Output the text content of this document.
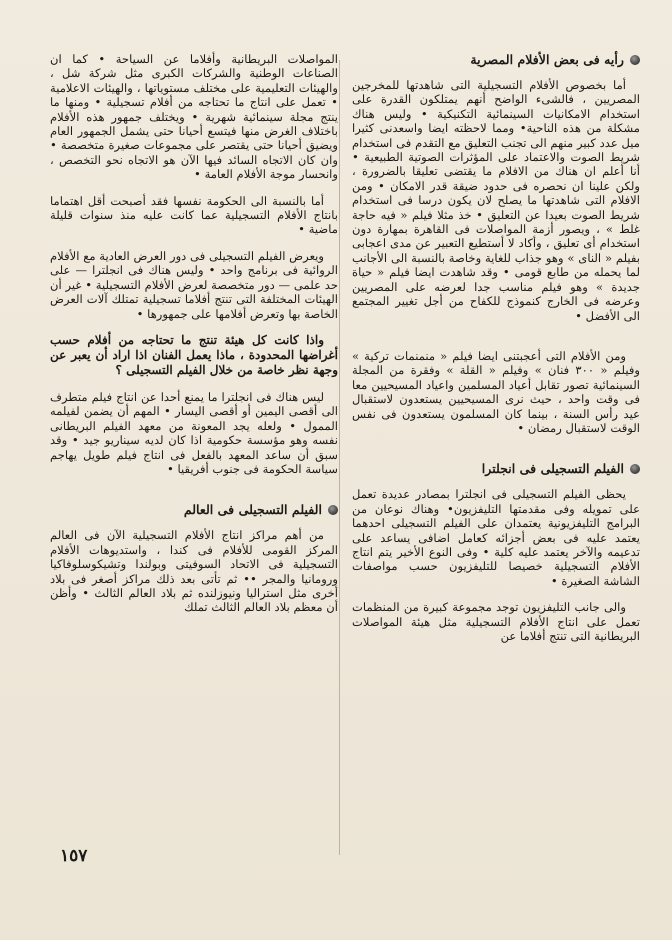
رأيه فى بعض الأفلام المصرية

أما بخصوص الأفلام التسجيلية التى شاهدتها للمخرجين المصريين ، فالشىء الواضح أنهم يمتلكون القدرة على استخدام الامكانيات السينمائية التكنيكية • وليس هناك مشكلة من هذه الناحية• ومما لاحظته ايضا واسعدنى كثيرا ميل عدد كبير منهم الى تجنب التعليق مع التقدم فى استخدام شريط الصوت والاعتماد على المؤثرات الصوتية الطبيعية • أنا أعلم ان هناك من الافلام ما يقتضى تعليقا بالضرورة ، ولكن علينا ان نحصره فى حدود ضيقة قدر الامكان • ومن الافلام التى شاهدتها ما يصلح لان يكون درسا فى استخدام شريط الصوت بعيدا عن التعليق • خذ مثلا فيلم « فيه حاجة غلط » ، ويصور أزمة المواصلات فى القاهرة بمهارة دون استخدام أى تعليق ، وأكاد لا أستطيع التعبير عن مدى اعجابى بفيلم « الناى » وهو جذاب للغاية وخاصة بالنسبة الى الأجانب لما يحمله من طابع قومى • وقد شاهدت ايضا فيلم « حياة جديدة » وهو فيلم مناسب جدا لعرضه على المصريين وعرضه فى الخارج كنموذج للكفاح من أجل تغيير المجتمع الى الأفضل •

ومن الأفلام التى أعجبتنى ايضا فيلم « منمنمات تركية » وفيلم « ٣٠٠ فنان » وفيلم « القلة » وفقرة من المجلة السينمائية تصور تقابل أعياد المسلمين واعياد المسيحيين معا فى وقت واحد ، حيث نرى المسيحيين يستعدون لاستقبال عيد رأس السنة ، بينما كان المسلمون يستعدون فى نفس الوقت لاستقبال رمضان •

الفيلم التسجيلى فى انجلترا

يحظى الفيلم التسجيلى فى انجلترا بمصادر عديدة تعمل على تمويله وفى مقدمتها التليفزيون• وهناك نوعان من البرامج التليفزيونية يعتمدان على الفيلم التسجيلى احدهما يعتمد عليه فى بعض أجزائه كعامل اضافى يساعد على تدعيمه والآخر يعتمد عليه كلية • وفى النوع الأخير يتم انتاج الأفلام التسجيلية خصيصا للتليفزيون حسب مواصفات الشاشة الصغيرة •

والى جانب التليفزيون توجد مجموعة كبيرة من المنظمات تعمل على انتاج الأفلام التسجيلية مثل هيئة المواصلات البريطانية التى تنتج أفلاما عن

المواصلات البريطانية وأفلاما عن السياحة • كما ان الصناعات الوطنية والشركات الكبرى مثل شركة شل ، والهيئات التعليمية على مختلف مستوياتها ، والهيئات الاعلامية • تعمل على انتاج ما تحتاجه من أفلام تسجيلية • ومنها ما ينتج مجلة سينمائية شهرية • ويختلف جمهور هذه الأفلام باختلاف الغرض منها فيتسع أحيانا حتى يشمل الجمهور العام ويضيق أحيانا حتى يقتصر على مجموعات صغيرة متخصصة • وان كان الاتجاه السائد فيها الآن هو الاتجاه نحو التخصص ، وانحسار موجة الأفلام العامة •

أما بالنسبة الى الحكومة نفسها فقد أصبحت أقل اهتماما بانتاج الأفلام التسجيلية عما كانت عليه منذ سنوات قليلة ماضية •

ويعرض الفيلم التسجيلى فى دور العرض العادية مع الأفلام الروائية فى برنامج واحد • وليس هناك فى انجلترا — على حد علمى — دور متخصصة لعرض الأفلام التسجيلية • غير أن الهيئات المختلفة التى تنتج أفلاما تسجيلية تمتلك آلات العرض الخاصة بها وتعرض أفلامها على جمهورها •

واذا كانت كل هيئة تنتج ما تحتاجه من أفلام حسب أغراضها المحدودة ، ماذا يعمل الفنان اذا اراد أن يعبر عن وجهة نظر خاصة من خلال الفيلم التسجيلى ؟

ليس هناك فى انجلترا ما يمنع أحدا عن انتاج فيلم متطرف الى أقصى اليمين أو أقصى اليسار • المهم أن يضمن لفيلمه الممول • ولعله يجد المعونة من معهد الفيلم البريطانى نفسه وهو مؤسسة حكومية اذا كان لديه سيناريو جيد • وقد سبق أن ساعد المعهد بالفعل فى انتاج فيلم طويل يهاجم سياسة الحكومة فى جنوب أفريقيا •

الفيلم التسجيلى فى العالم

من أهم مراكز انتاج الأفلام التسجيلية الآن فى العالم المركز القومى للأفلام فى كندا ، واستديوهات الأفلام التسجيلية فى الاتحاد السوفيتى وبولندا وتشيكوسلوفاكيا ورومانيا والمجر •• ثم تأتى بعد ذلك مراكز أصغر فى بلاد أخرى مثل استراليا ونيوزلنده ثم بلاد العالم الثالث • وأظن أن معظم بلاد العالم الثالث تملك

١٥٧
